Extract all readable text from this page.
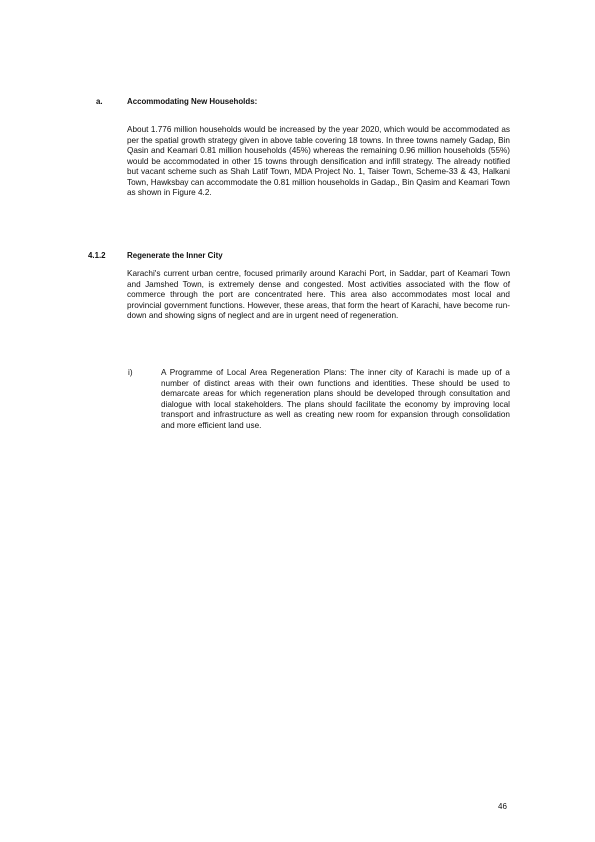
a.	Accommodating New Households:

About 1.776 million households would be increased by the year 2020, which would be accommodated as per the spatial growth strategy given in above table covering 18 towns. In three towns namely Gadap, Bin Qasin and Keamari 0.81 million households (45%) whereas the remaining 0.96 million households (55%) would be accommodated in other 15 towns through densification and infill strategy. The already notified but vacant scheme such as Shah Latif Town, MDA Project No. 1, Taiser Town, Scheme-33 & 43, Halkani Town, Hawksbay can accommodate the 0.81 million households in Gadap., Bin Qasim and Keamari Town as shown in Figure 4.2.

4.1.2	Regenerate the Inner City

Karachi's current urban centre, focused primarily around Karachi Port, in Saddar, part of Keamari Town and Jamshed Town, is extremely dense and congested. Most activities associated with the flow of commerce through the port are concentrated here. This area also accommodates most local and provincial government functions. However, these areas, that form the heart of Karachi, have become run-down and showing signs of neglect and are in urgent need of regeneration.

i)	A Programme of Local Area Regeneration Plans: The inner city of Karachi is made up of a number of distinct areas with their own functions and identities. These should be used to demarcate areas for which regeneration plans should be developed through consultation and dialogue with local stakeholders. The plans should facilitate the economy by improving local transport and infrastructure as well as creating new room for expansion through consolidation and more efficient land use.

46
